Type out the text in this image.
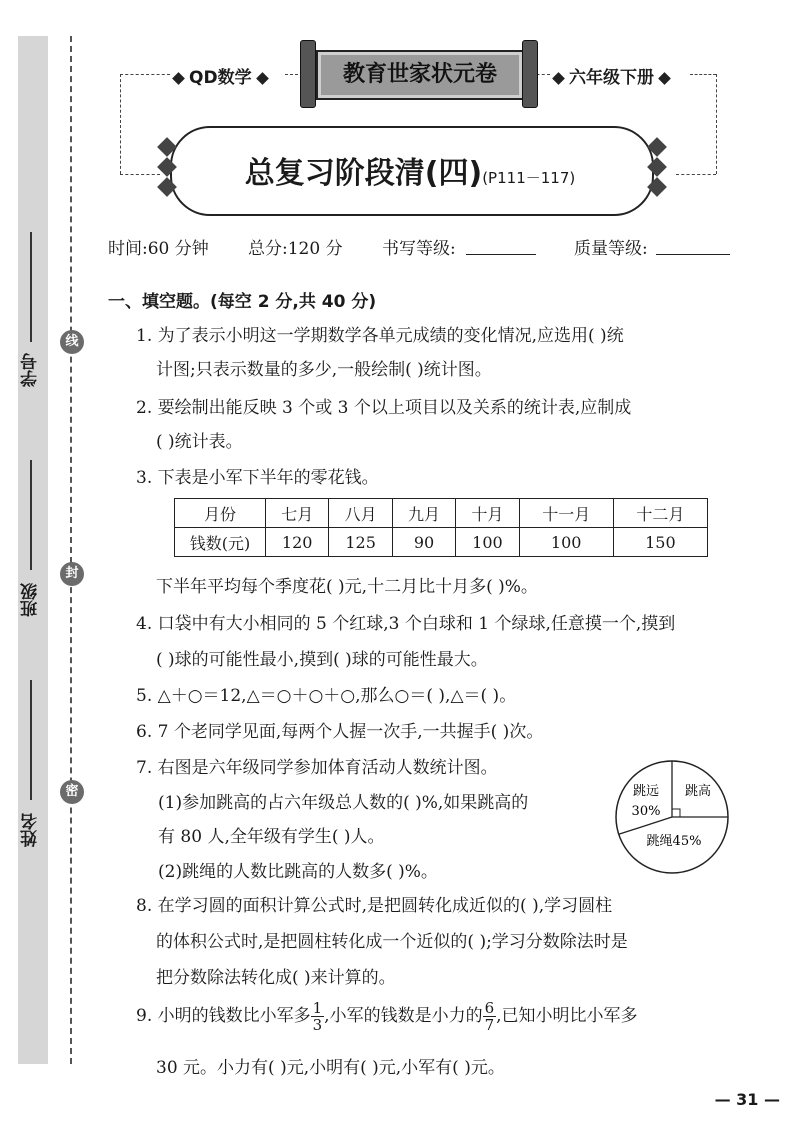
学号
班级
姓名
线
封
密
QD数学	教育世家状元卷	六年级下册
总复习阶段清(四)(P111－117)
时间:60 分钟 总分:120 分 书写等级:	质量等级:
一、填空题。(每空 2 分,共 40 分)
1. 为了表示小明这一学期数学各单元成绩的变化情况,应选用( )统
计图;只表示数量的多少,一般绘制( )统计图。
2. 要绘制出能反映 3 个或 3 个以上项目以及关系的统计表,应制成
( )统计表。
3. 下表是小军下半年的零花钱。
月份	七月	八月	九月	十月	十一月	十二月
钱数(元)	120	125	90	100	100	150
下半年平均每个季度花( )元,十二月比十月多( )%。
4. 口袋中有大小相同的 5 个红球,3 个白球和 1 个绿球,任意摸一个,摸到
( )球的可能性最小,摸到( )球的可能性最大。
5. △＋○＝12,△＝○＋○＋○,那么○＝( ),△＝( )。
6. 7 个老同学见面,每两个人握一次手,一共握手( )次。
7. 右图是六年级同学参加体育活动人数统计图。
(1)参加跳高的占六年级总人数的( )%,如果跳高的
有 80 人,全年级有学生( )人。
(2)跳绳的人数比跳高的人数多( )%。
跳远
30%
跳高
跳绳45%
8. 在学习圆的面积计算公式时,是把圆转化成近似的( ),学习圆柱
的体积公式时,是把圆柱转化成一个近似的( );学习分数除法时是
把分数除法转化成( )来计算的。
9. 小明的钱数比小军多 $\frac{1}{3}$ ,小军的钱数是小力的 $\frac{6}{7}$ ,已知小明比小军多
30 元。小力有( )元,小明有( )元,小军有( )元。
— 31 —
